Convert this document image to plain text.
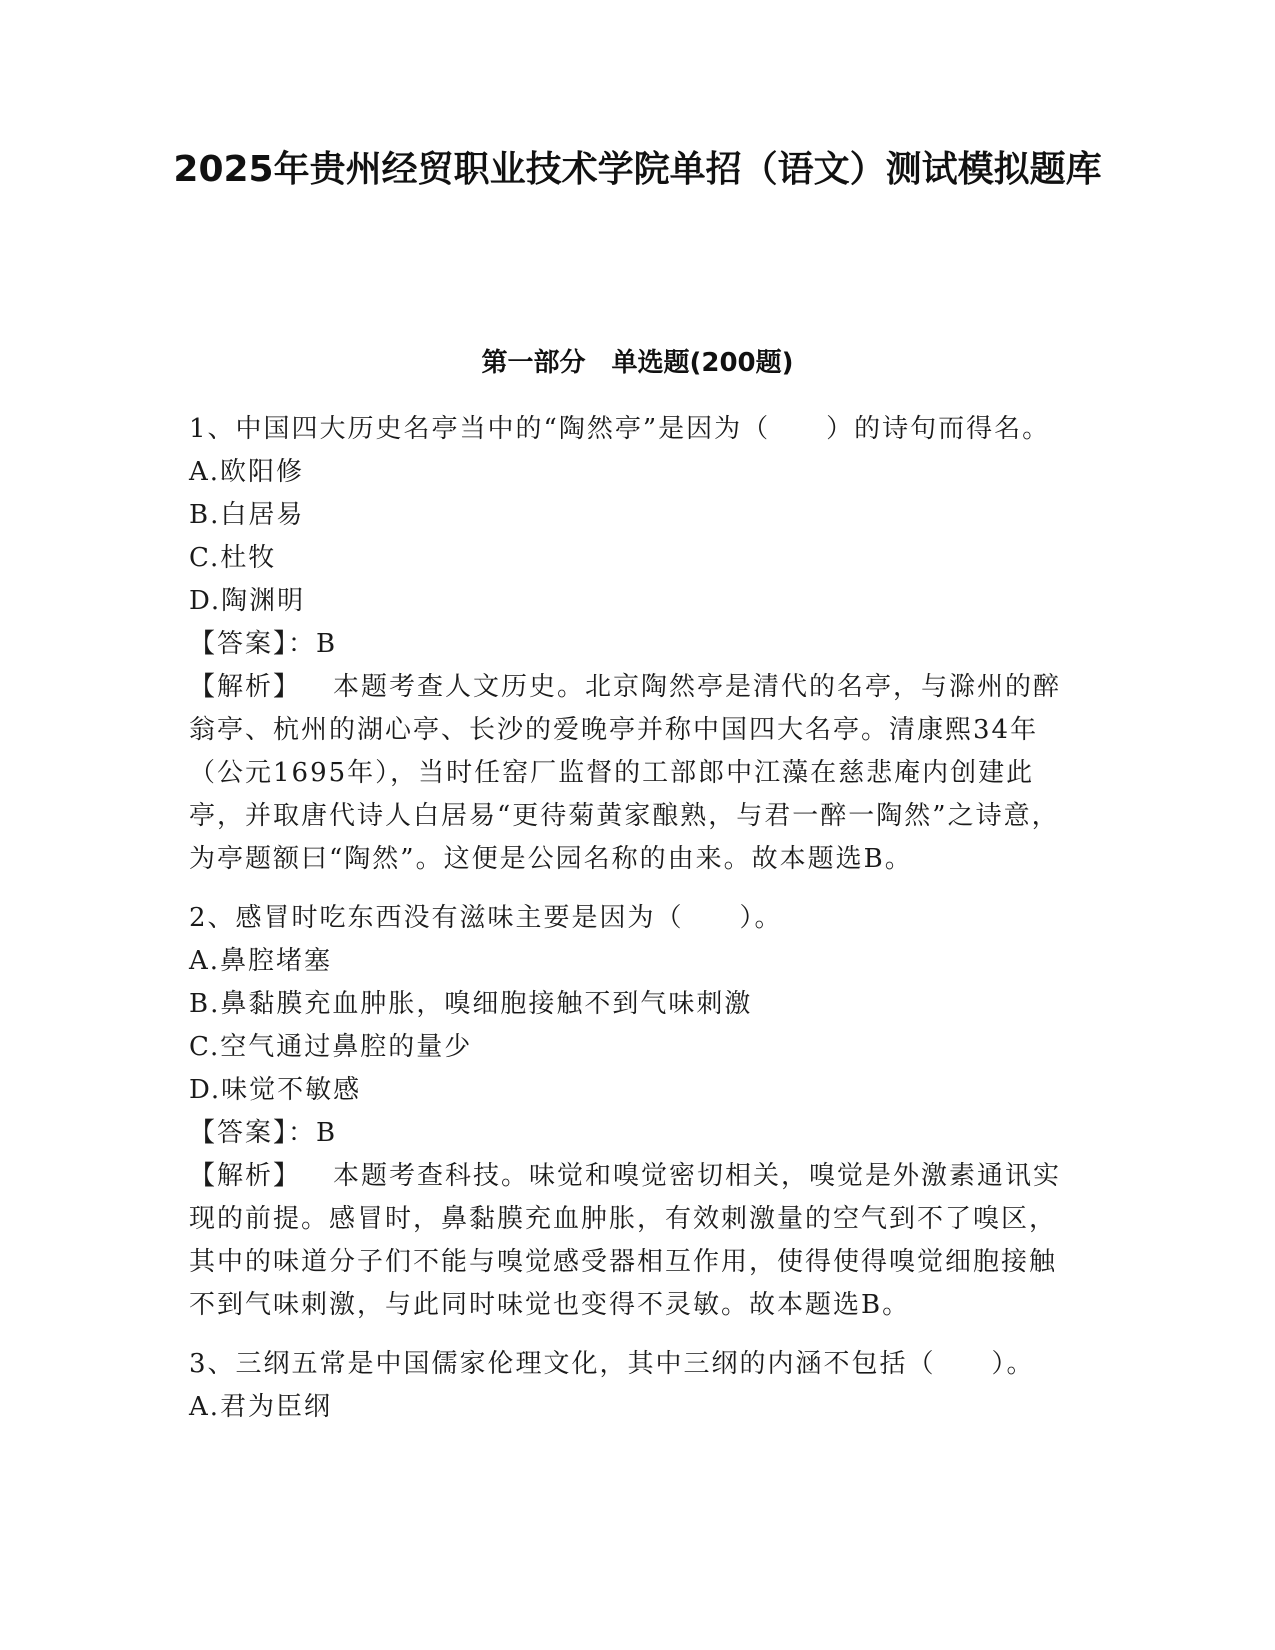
2025年贵州经贸职业技术学院单招（语文）测试模拟题库
第一部分　单选题(200题)
1、中国四大历史名亭当中的“陶然亭”是因为（　　）的诗句而得名。
A.欧阳修
B.白居易
C.杜牧
D.陶渊明
【答案】：B
【解析】 本题考查人文历史。北京陶然亭是清代的名亭，与滁州的醉翁亭、杭州的湖心亭、长沙的爱晚亭并称中国四大名亭。清康熙34年（公元1695年），当时任窑厂监督的工部郎中江藻在慈悲庵内创建此亭，并取唐代诗人白居易“更待菊黄家酿熟，与君一醉一陶然”之诗意，为亭题额曰“陶然”。这便是公园名称的由来。故本题选B。
2、感冒时吃东西没有滋味主要是因为（　　）。
A.鼻腔堵塞
B.鼻黏膜充血肿胀，嗅细胞接触不到气味刺激
C.空气通过鼻腔的量少
D.味觉不敏感
【答案】：B
【解析】 本题考查科技。味觉和嗅觉密切相关，嗅觉是外激素通讯实现的前提。感冒时，鼻黏膜充血肿胀，有效刺激量的空气到不了嗅区，其中的味道分子们不能与嗅觉感受器相互作用，使得使得嗅觉细胞接触不到气味刺激，与此同时味觉也变得不灵敏。故本题选B。
3、三纲五常是中国儒家伦理文化，其中三纲的内涵不包括（　　）。
A.君为臣纲
